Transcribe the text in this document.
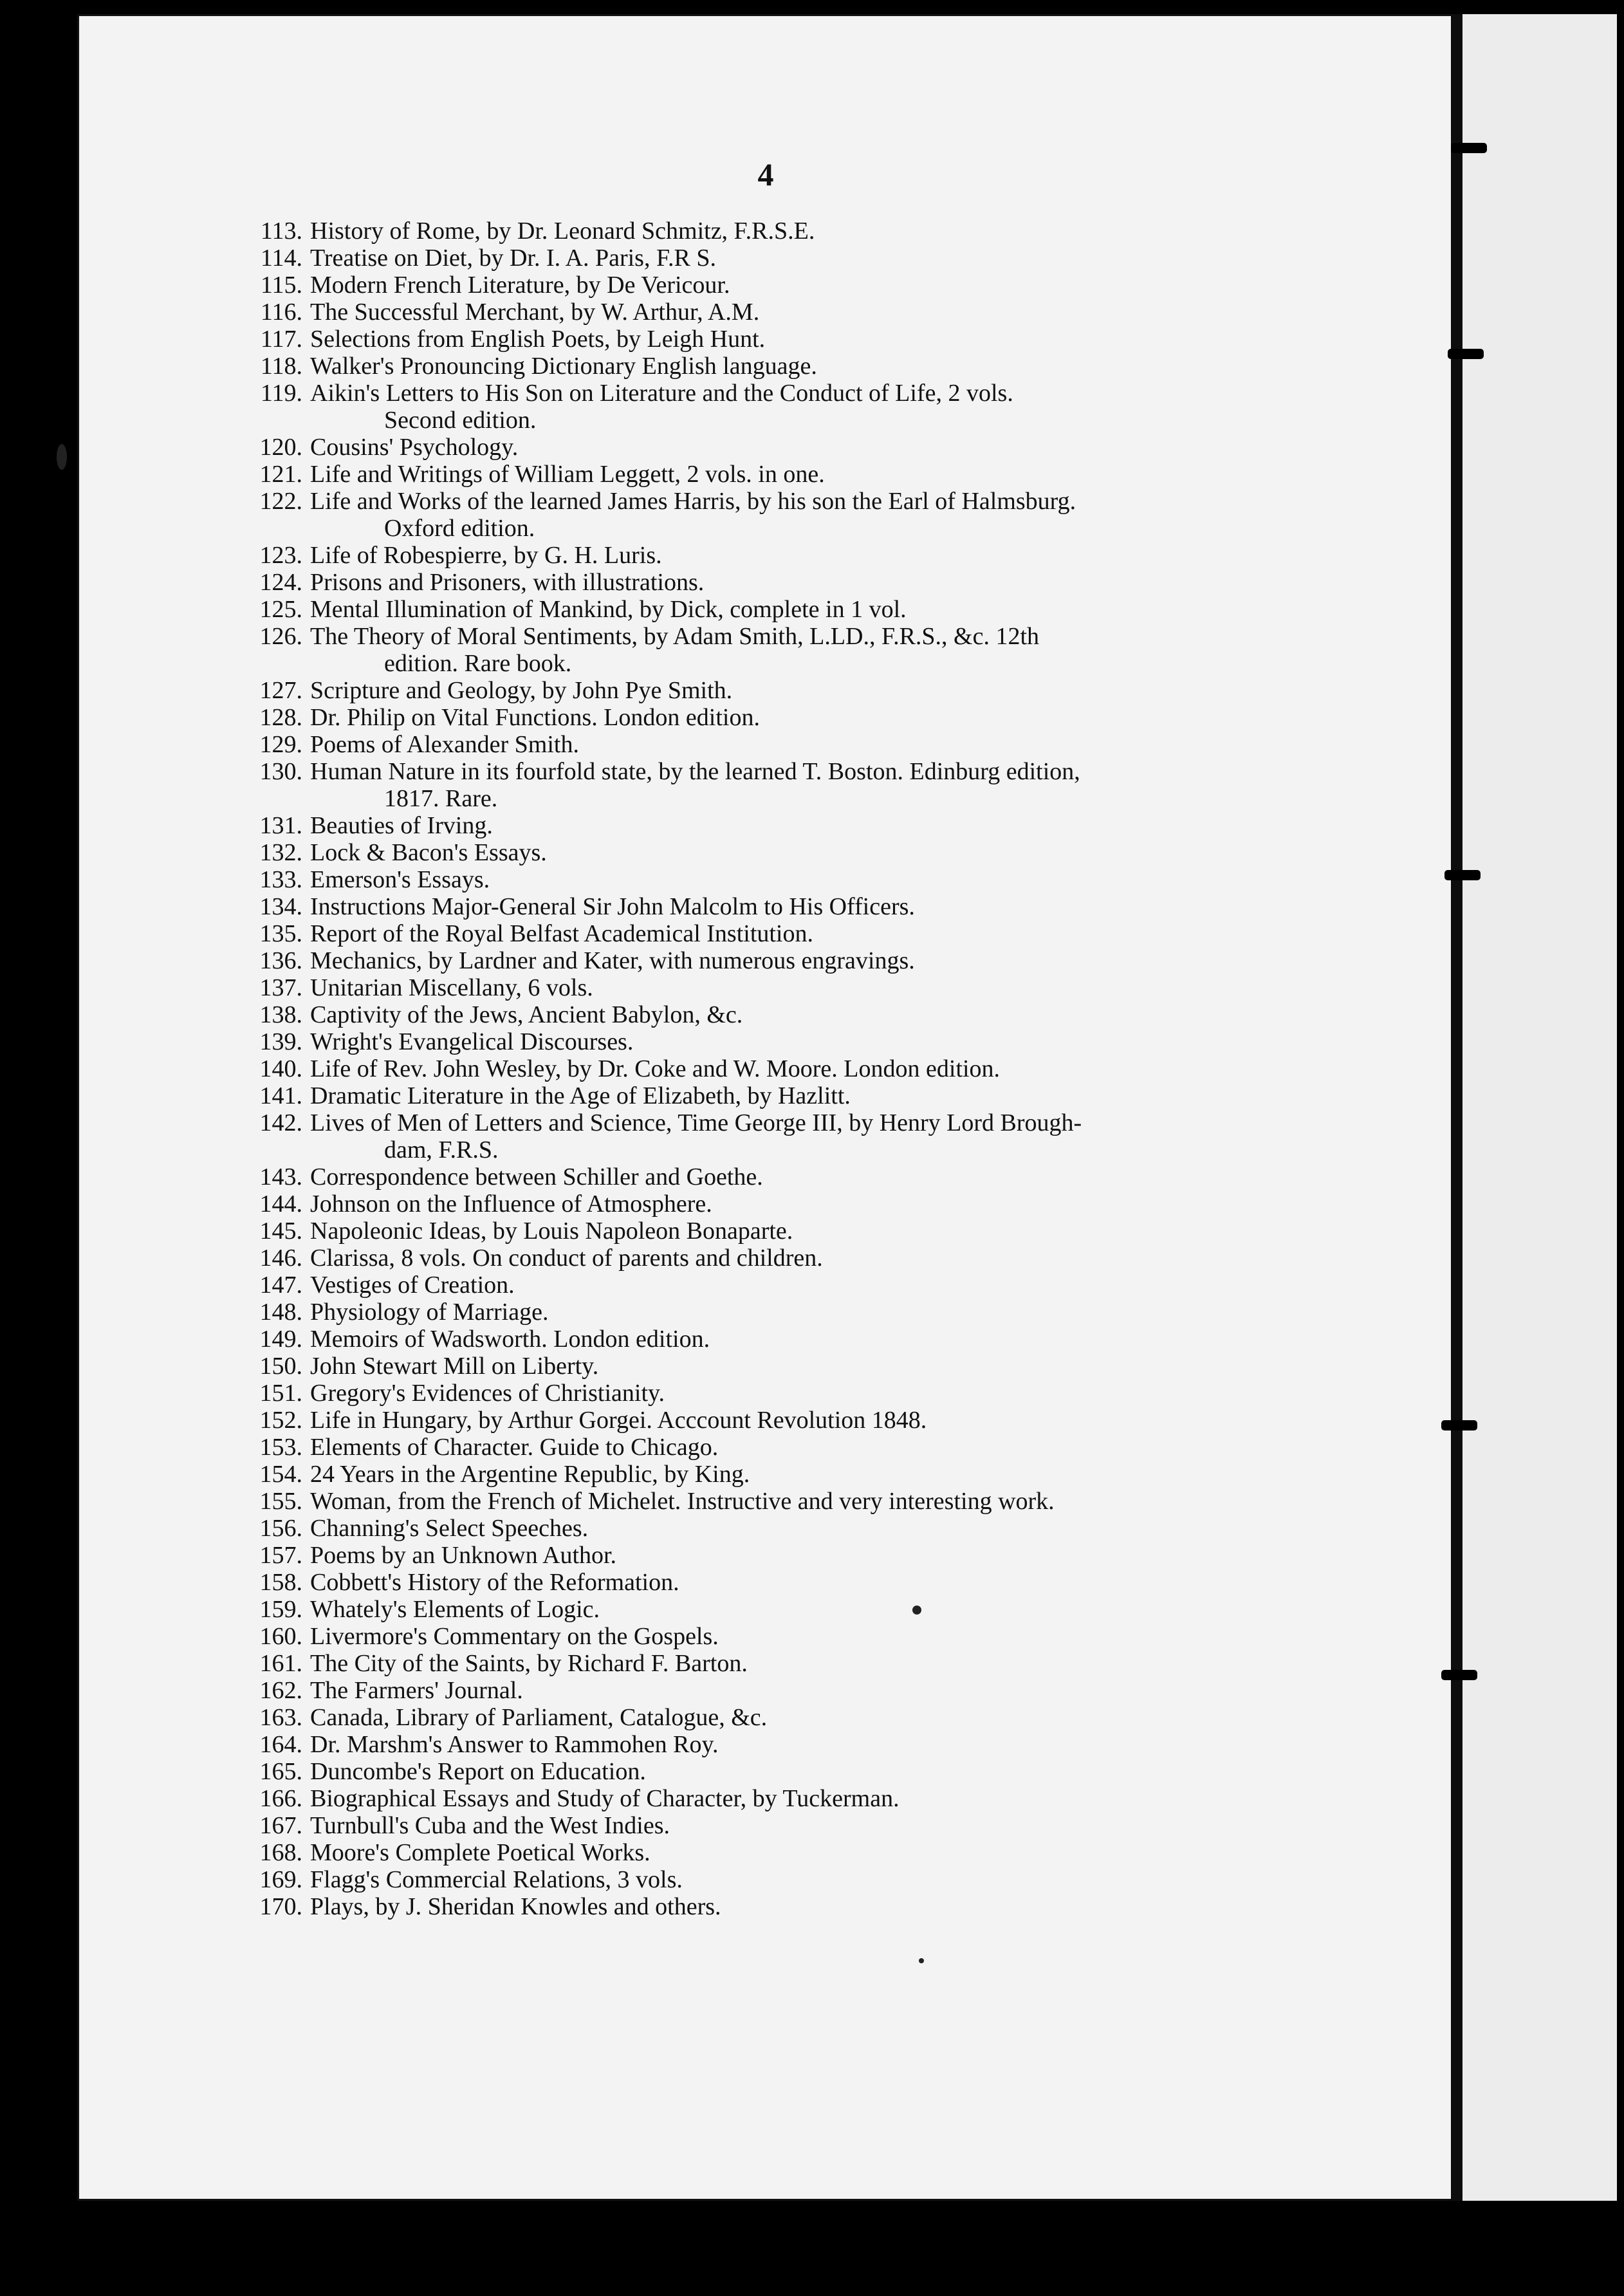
4
113. History of Rome, by Dr. Leonard Schmitz, F.R.S.E.
114. Treatise on Diet, by Dr. I. A. Paris, F.R S.
115. Modern French Literature, by De Vericour.
116. The Successful Merchant, by W. Arthur, A.M.
117. Selections from English Poets, by Leigh Hunt.
118. Walker's Pronouncing Dictionary English language.
119. Aikin's Letters to His Son on Literature and the Conduct of Life, 2 vols.
Second edition.
120. Cousins' Psychology.
121. Life and Writings of William Leggett, 2 vols. in one.
122. Life and Works of the learned James Harris, by his son the Earl of Halmsburg.
Oxford edition.
123. Life of Robespierre, by G. H. Luris.
124. Prisons and Prisoners, with illustrations.
125. Mental Illumination of Mankind, by Dick, complete in 1 vol.
126. The Theory of Moral Sentiments, by Adam Smith, L.LD., F.R.S., &c. 12th
edition. Rare book.
127. Scripture and Geology, by John Pye Smith.
128. Dr. Philip on Vital Functions. London edition.
129. Poems of Alexander Smith.
130. Human Nature in its fourfold state, by the learned T. Boston. Edinburg edition,
1817. Rare.
131. Beauties of Irving.
132. Lock & Bacon's Essays.
133. Emerson's Essays.
134. Instructions Major-General Sir John Malcolm to His Officers.
135. Report of the Royal Belfast Academical Institution.
136. Mechanics, by Lardner and Kater, with numerous engravings.
137. Unitarian Miscellany, 6 vols.
138. Captivity of the Jews, Ancient Babylon, &c.
139. Wright's Evangelical Discourses.
140. Life of Rev. John Wesley, by Dr. Coke and W. Moore. London edition.
141. Dramatic Literature in the Age of Elizabeth, by Hazlitt.
142. Lives of Men of Letters and Science, Time George III, by Henry Lord Brough-
dam, F.R.S.
143. Correspondence between Schiller and Goethe.
144. Johnson on the Influence of Atmosphere.
145. Napoleonic Ideas, by Louis Napoleon Bonaparte.
146. Clarissa, 8 vols. On conduct of parents and children.
147. Vestiges of Creation.
148. Physiology of Marriage.
149. Memoirs of Wadsworth. London edition.
150. John Stewart Mill on Liberty.
151. Gregory's Evidences of Christianity.
152. Life in Hungary, by Arthur Gorgei. Acccount Revolution 1848.
153. Elements of Character. Guide to Chicago.
154. 24 Years in the Argentine Republic, by King.
155. Woman, from the French of Michelet. Instructive and very interesting work.
156. Channing's Select Speeches.
157. Poems by an Unknown Author.
158. Cobbett's History of the Reformation.
159. Whately's Elements of Logic.
160. Livermore's Commentary on the Gospels.
161. The City of the Saints, by Richard F. Barton.
162. The Farmers' Journal.
163. Canada, Library of Parliament, Catalogue, &c.
164. Dr. Marshm's Answer to Rammohen Roy.
165. Duncombe's Report on Education.
166. Biographical Essays and Study of Character, by Tuckerman.
167. Turnbull's Cuba and the West Indies.
168. Moore's Complete Poetical Works.
169. Flagg's Commercial Relations, 3 vols.
170. Plays, by J. Sheridan Knowles and others.
